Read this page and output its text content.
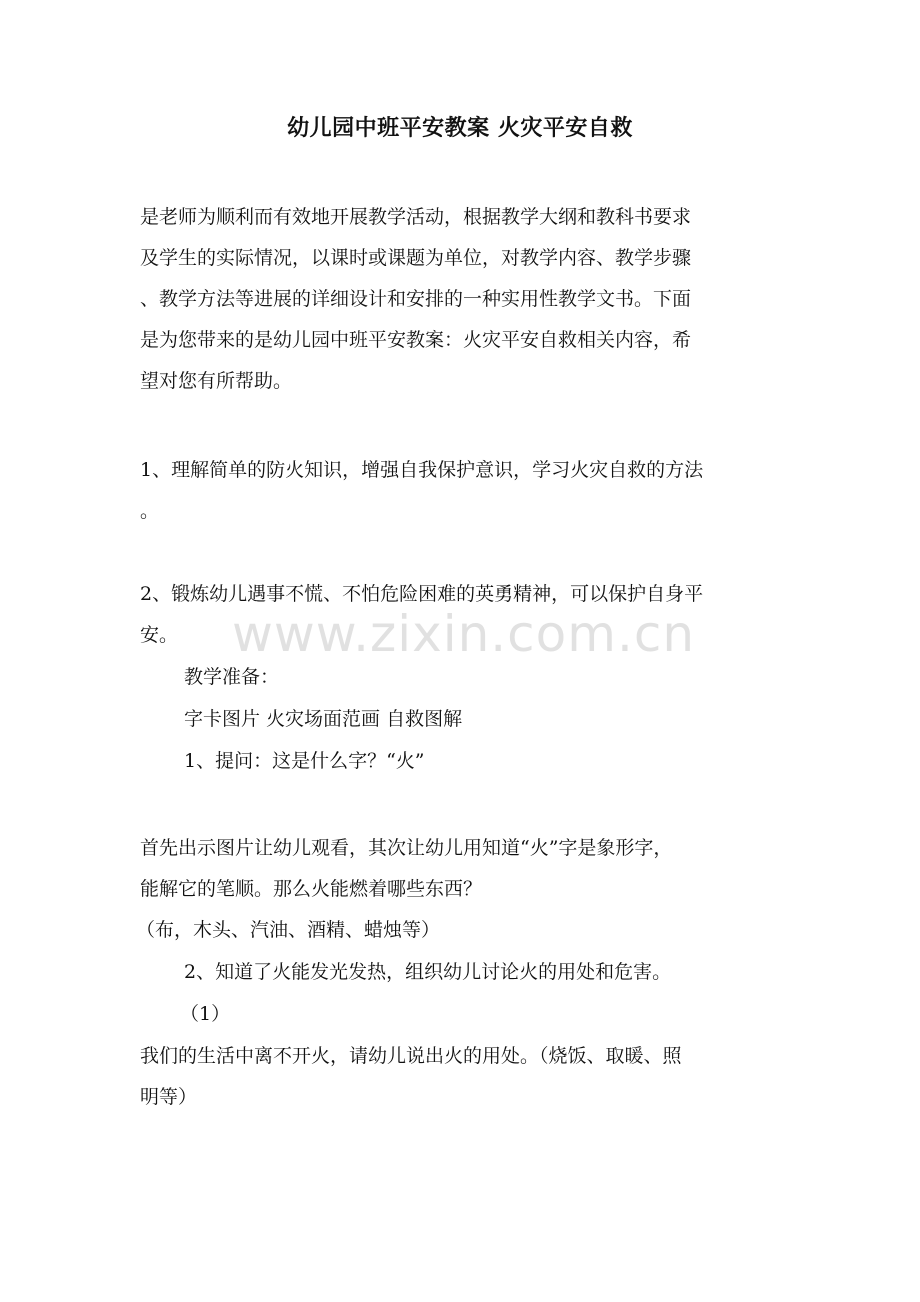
幼儿园中班平安教案 火灾平安自救
是老师为顺利而有效地开展教学活动，根据教学大纲和教科书要求
及学生的实际情况，以课时或课题为单位，对教学内容、教学步骤
、教学方法等进展的详细设计和安排的一种实用性教学文书。下面
是为您带来的是幼儿园中班平安教案：火灾平安自救相关内容，希
望对您有所帮助。
1、理解简单的防火知识，增强自我保护意识，学习火灾自救的方法
。
2、锻炼幼儿遇事不慌、不怕危险困难的英勇精神，可以保护自身平
安。
教学准备：
字卡图片 火灾场面范画 自救图解
1、提问：这是什么字？“火”
首先出示图片让幼儿观看，其次让幼儿用知道“火”字是象形字，
能解它的笔顺。那么火能燃着哪些东西？
（布，木头、汽油、酒精、蜡烛等）
2、知道了火能发光发热，组织幼儿讨论火的用处和危害。
（1）
我们的生活中离不开火，请幼儿说出火的用处。（烧饭、取暖、照
明等）
www.zixin.com.cn
